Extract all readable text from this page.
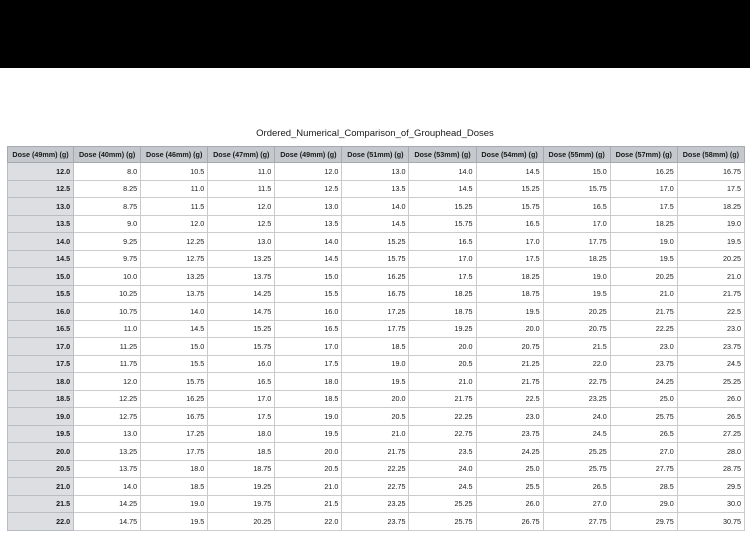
Ordered_Numerical_Comparison_of_Grouphead_Doses
Dose (49mm) (g)	Dose (40mm) (g)	Dose (46mm) (g)	Dose (47mm) (g)	Dose (49mm) (g)	Dose (51mm) (g)	Dose (53mm) (g)	Dose (54mm) (g)	Dose (55mm) (g)	Dose (57mm) (g)	Dose (58mm) (g)
12.0	8.0	10.5	11.0	12.0	13.0	14.0	14.5	15.0	16.25	16.75
12.5	8.25	11.0	11.5	12.5	13.5	14.5	15.25	15.75	17.0	17.5
13.0	8.75	11.5	12.0	13.0	14.0	15.25	15.75	16.5	17.5	18.25
13.5	9.0	12.0	12.5	13.5	14.5	15.75	16.5	17.0	18.25	19.0
14.0	9.25	12.25	13.0	14.0	15.25	16.5	17.0	17.75	19.0	19.5
14.5	9.75	12.75	13.25	14.5	15.75	17.0	17.5	18.25	19.5	20.25
15.0	10.0	13.25	13.75	15.0	16.25	17.5	18.25	19.0	20.25	21.0
15.5	10.25	13.75	14.25	15.5	16.75	18.25	18.75	19.5	21.0	21.75
16.0	10.75	14.0	14.75	16.0	17.25	18.75	19.5	20.25	21.75	22.5
16.5	11.0	14.5	15.25	16.5	17.75	19.25	20.0	20.75	22.25	23.0
17.0	11.25	15.0	15.75	17.0	18.5	20.0	20.75	21.5	23.0	23.75
17.5	11.75	15.5	16.0	17.5	19.0	20.5	21.25	22.0	23.75	24.5
18.0	12.0	15.75	16.5	18.0	19.5	21.0	21.75	22.75	24.25	25.25
18.5	12.25	16.25	17.0	18.5	20.0	21.75	22.5	23.25	25.0	26.0
19.0	12.75	16.75	17.5	19.0	20.5	22.25	23.0	24.0	25.75	26.5
19.5	13.0	17.25	18.0	19.5	21.0	22.75	23.75	24.5	26.5	27.25
20.0	13.25	17.75	18.5	20.0	21.75	23.5	24.25	25.25	27.0	28.0
20.5	13.75	18.0	18.75	20.5	22.25	24.0	25.0	25.75	27.75	28.75
21.0	14.0	18.5	19.25	21.0	22.75	24.5	25.5	26.5	28.5	29.5
21.5	14.25	19.0	19.75	21.5	23.25	25.25	26.0	27.0	29.0	30.0
22.0	14.75	19.5	20.25	22.0	23.75	25.75	26.75	27.75	29.75	30.75
